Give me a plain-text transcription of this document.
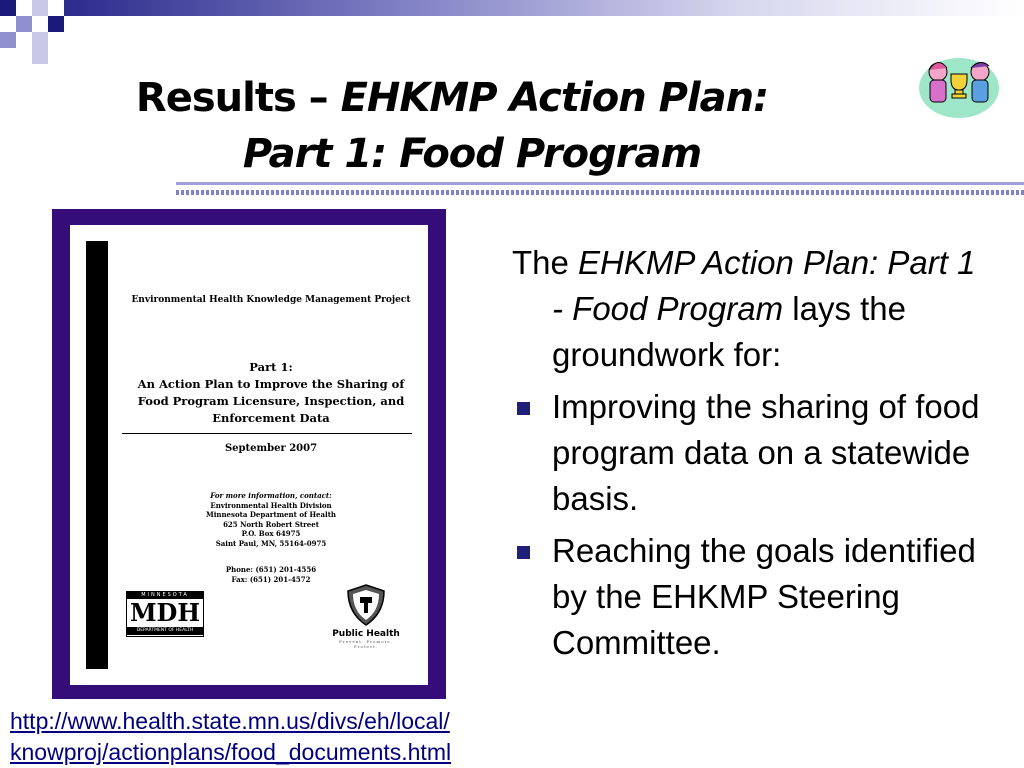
Results – EHKMP Action Plan:
Part 1: Food Program
Environmental Health Knowledge Management Project
Part 1:
An Action Plan to Improve the Sharing of
Food Program Licensure, Inspection, and
Enforcement Data
September 2007
For more information, contact:
Environmental Health Division
Minnesota Department of Health
625 North Robert Street
P.O. Box 64975
Saint Paul, MN, 55164-0975
Phone: (651) 201-4556
Fax: (651) 201-4572
MINNESOTA
MDH
DEPARTMENT OF HEALTH	Public Health
Prevent. Promote. Protect.

The EHKMP Action Plan: Part 1 - Food Program lays the groundwork for:

Improving the sharing of food program data on a statewide basis.
Reaching the goals identified by the EHKMP Steering Committee.
http://www.health.state.mn.us/divs/eh/local/
knowproj/actionplans/food_documents.html
